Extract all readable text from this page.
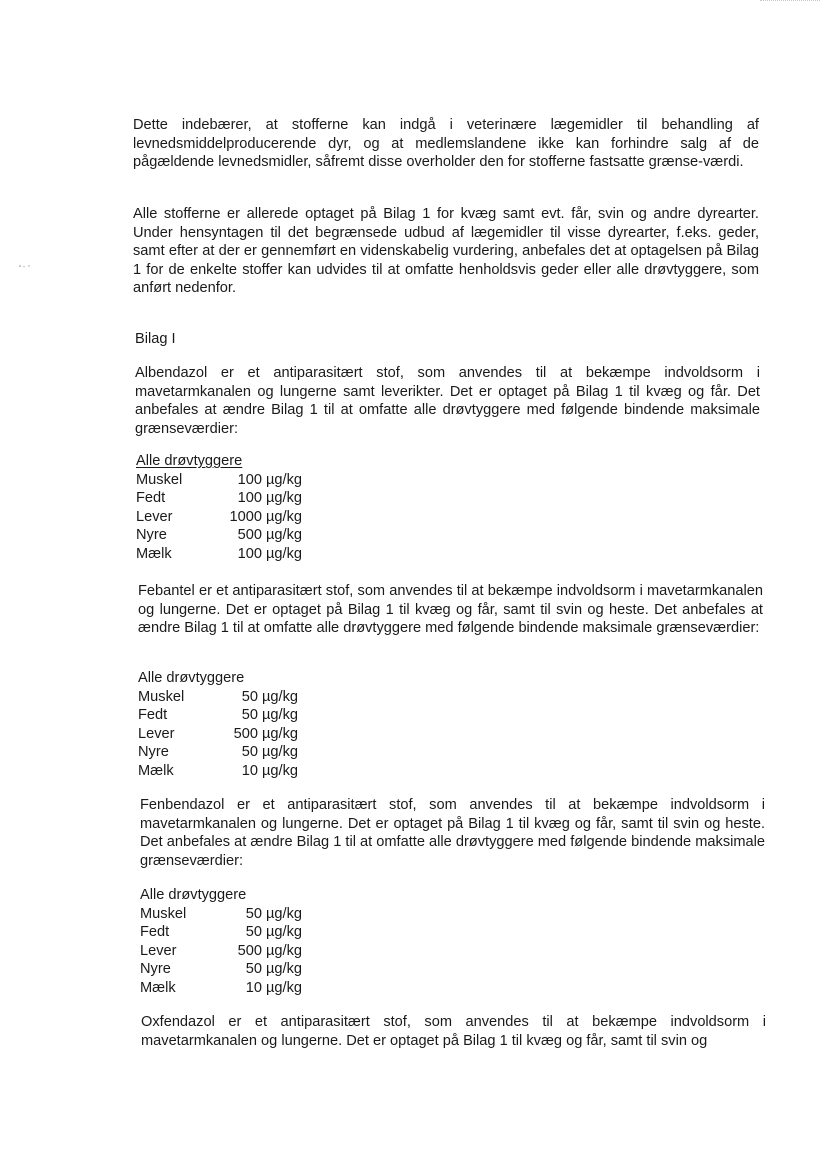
Dette indebærer, at stofferne kan indgå i veterinære lægemidler til behandling af levnedsmiddelproducerende dyr, og at medlemslandene ikke kan forhindre salg af de pågældende levnedsmidler, såfremt disse overholder den for stofferne fastsatte grænse-værdi.

Alle stofferne er allerede optaget på Bilag 1 for kvæg samt evt. får, svin og andre dyrearter. Under hensyntagen til det begrænsede udbud af lægemidler til visse dyrearter, f.eks. geder, samt efter at der er gennemført en videnskabelig vurdering, anbefales det at optagelsen på Bilag 1 for de enkelte stoffer kan udvides til at omfatte henholdsvis geder eller alle drøvtyggere, som anført nedenfor.

Bilag I

Albendazol er et antiparasitært stof, som anvendes til at bekæmpe indvoldsorm i mavetarmkanalen og lungerne samt leverikter. Det er optaget på Bilag 1 til kvæg og får. Det anbefales at ændre Bilag 1 til at omfatte alle drøvtyggere med følgende bindende maksimale grænseværdier:

Alle drøvtyggere
Muskel	100 µg/kg
Fedt	100 µg/kg
Lever	1000 µg/kg
Nyre	500 µg/kg
Mælk	100 µg/kg

Febantel er et antiparasitært stof, som anvendes til at bekæmpe indvoldsorm i mavetarmkanalen og lungerne. Det er optaget på Bilag 1 til kvæg og får, samt til svin og heste. Det anbefales at ændre Bilag 1 til at omfatte alle drøvtyggere med følgende bindende maksimale grænseværdier:

Alle drøvtyggere
Muskel	50 µg/kg
Fedt	50 µg/kg
Lever	500 µg/kg
Nyre	50 µg/kg
Mælk	10 µg/kg

Fenbendazol er et antiparasitært stof, som anvendes til at bekæmpe indvoldsorm i mavetarmkanalen og lungerne. Det er optaget på Bilag 1 til kvæg og får, samt til svin og heste. Det anbefales at ændre Bilag 1 til at omfatte alle drøvtyggere med følgende bindende maksimale grænseværdier:

Alle drøvtyggere
Muskel	50 µg/kg
Fedt	50 µg/kg
Lever	500 µg/kg
Nyre	50 µg/kg
Mælk	10 µg/kg

Oxfendazol er et antiparasitært stof, som anvendes til at bekæmpe indvoldsorm i mavetarmkanalen og lungerne. Det er optaget på Bilag 1 til kvæg og får, samt til svin og
